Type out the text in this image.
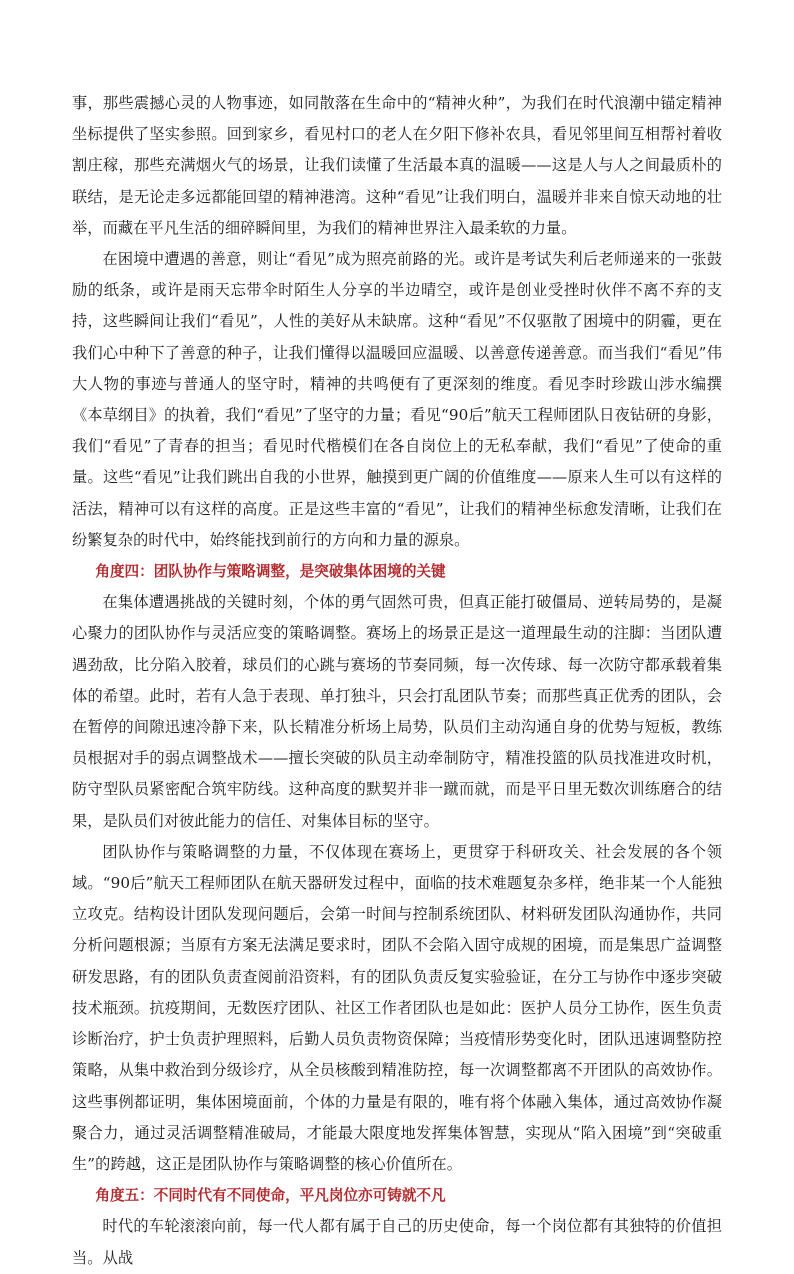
事，那些震撼心灵的人物事迹，如同散落在生命中的“精神火种”，为我们在时代浪潮中锚定精神坐标提供了坚实参照。回到家乡，看见村口的老人在夕阳下修补农具，看见邻里间互相帮衬着收割庄稼，那些充满烟火气的场景，让我们读懂了生活最本真的温暖——这是人与人之间最质朴的联结，是无论走多远都能回望的精神港湾。这种“看见”让我们明白，温暖并非来自惊天动地的壮举，而藏在平凡生活的细碎瞬间里，为我们的精神世界注入最柔软的力量。

在困境中遭遇的善意，则让“看见”成为照亮前路的光。或许是考试失利后老师递来的一张鼓励的纸条，或许是雨天忘带伞时陌生人分享的半边晴空，或许是创业受挫时伙伴不离不弃的支持，这些瞬间让我们“看见”，人性的美好从未缺席。这种“看见”不仅驱散了困境中的阴霾，更在我们心中种下了善意的种子，让我们懂得以温暖回应温暖、以善意传递善意。而当我们“看见”伟大人物的事迹与普通人的坚守时，精神的共鸣便有了更深刻的维度。看见李时珍跋山涉水编撰《本草纲目》的执着，我们“看见”了坚守的力量；看见“90后”航天工程师团队日夜钻研的身影，我们“看见”了青春的担当；看见时代楷模们在各自岗位上的无私奉献，我们“看见”了使命的重量。这些“看见”让我们跳出自我的小世界，触摸到更广阔的价值维度——原来人生可以有这样的活法，精神可以有这样的高度。正是这些丰富的“看见”，让我们的精神坐标愈发清晰，让我们在纷繁复杂的时代中，始终能找到前行的方向和力量的源泉。

角度四：团队协作与策略调整，是突破集体困境的关键

在集体遭遇挑战的关键时刻，个体的勇气固然可贵，但真正能打破僵局、逆转局势的，是凝心聚力的团队协作与灵活应变的策略调整。赛场上的场景正是这一道理最生动的注脚：当团队遭遇劲敌，比分陷入胶着，球员们的心跳与赛场的节奏同频，每一次传球、每一次防守都承载着集体的希望。此时，若有人急于表现、单打独斗，只会打乱团队节奏；而那些真正优秀的团队，会在暂停的间隙迅速冷静下来，队长精准分析场上局势，队员们主动沟通自身的优势与短板，教练员根据对手的弱点调整战术——擅长突破的队员主动牵制防守，精准投篮的队员找准进攻时机，防守型队员紧密配合筑牢防线。这种高度的默契并非一蹴而就，而是平日里无数次训练磨合的结果，是队员们对彼此能力的信任、对集体目标的坚守。

团队协作与策略调整的力量，不仅体现在赛场上，更贯穿于科研攻关、社会发展的各个领域。“90后”航天工程师团队在航天器研发过程中，面临的技术难题复杂多样，绝非某一个人能独立攻克。结构设计团队发现问题后，会第一时间与控制系统团队、材料研发团队沟通协作，共同分析问题根源；当原有方案无法满足要求时，团队不会陷入固守成规的困境，而是集思广益调整研发思路，有的团队负责查阅前沿资料，有的团队负责反复实验验证，在分工与协作中逐步突破技术瓶颈。抗疫期间，无数医疗团队、社区工作者团队也是如此：医护人员分工协作，医生负责诊断治疗，护士负责护理照料，后勤人员负责物资保障；当疫情形势变化时，团队迅速调整防控策略，从集中救治到分级诊疗，从全员核酸到精准防控，每一次调整都离不开团队的高效协作。这些事例都证明，集体困境面前，个体的力量是有限的，唯有将个体融入集体，通过高效协作凝聚合力，通过灵活调整精准破局，才能最大限度地发挥集体智慧，实现从“陷入困境”到“突破重生”的跨越，这正是团队协作与策略调整的核心价值所在。

角度五：不同时代有不同使命，平凡岗位亦可铸就不凡

时代的车轮滚滚向前，每一代人都有属于自己的历史使命，每一个岗位都有其独特的价值担当。从战
